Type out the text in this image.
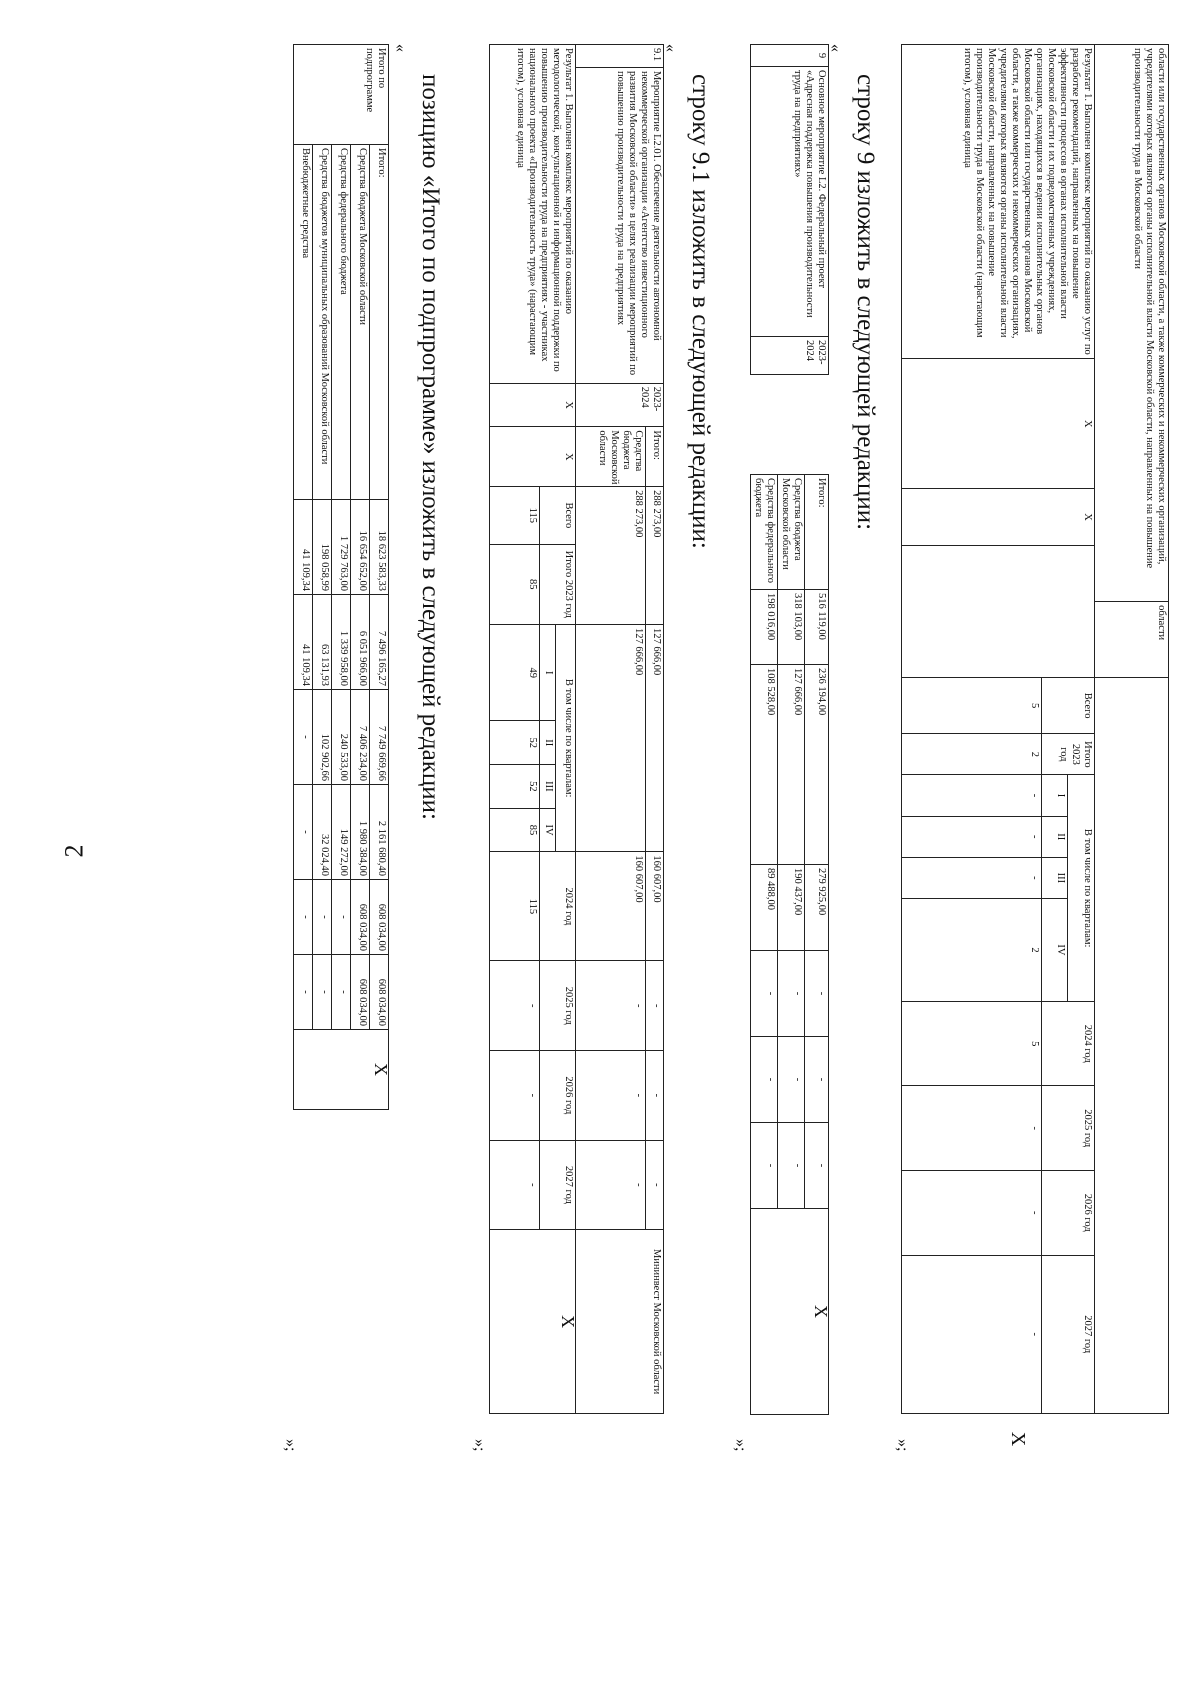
2
области или государственных органов Московской области, а также коммерческих и некоммерческих организаций, учредителями которых являются органы исполнительной власти Московской области, направленных на повышение производительности труда в Московской области				области										
Результат 1. Выполнен комплекс мероприятий по оказанию услуг по разработке рекомендаций, направленных на повышение эффективности процессов в органах исполнительной власти Московской области и их подведомственных учреждениях, организациях, находящихся в ведении исполнительных органов Московской области или государственных органов Московской области, а также коммерческих и некоммерческих организациях, учредителями которых являются органы исполнительной власти Московской области, направленных на повышение производительности труда в Московской области (нарастающим итогом), условная единица	X	X			Всего	Итого 2023 год	В том числе по кварталам:				2024 год	2025 год	2026 год	2027 год
							I	II	III	IV				
					5	2	-	-	-	2	5	-	-	-
X
»;
строку 9 изложить в следующей редакции:
«
9	Основное мероприятие L2. Федеральный проект «Адресная поддержка повышения производительности труда на предприятиях»	2023-2024		Итого:	516 119,00	236 194,00	279 925,00	-	-	-	X
				Средства бюджета Московской области	318 103,00	127 666,00	190 437,00	-	-	-	
				Средства федерального бюджета	198 016,00	108 528,00	89 488,00	-	-	-	
»;
строку 9.1 изложить в следующей редакции:
«
9.1	Мероприятие L2.01. Обеспечение деятельности автономной некоммерческой организации «Агентство инвестиционного развития Московской области» в целях реализации мероприятий по повышению производительности труда на предприятиях	2023-2024	Итого:	288 273,00		127 666,00				160 607,00	-	-	-	Мининвест Московской области
			Средства бюджета Московской области	288 273,00		127 666,00				160 607,00	-	-	-	
Результат 1. Выполнен комплекс мероприятий по оказанию методологической, консультационной и информационной поддержки по повышению производительности труда на предприятиях - участниках национального проекта «Производительность труда» (нарастающим итогом), условная единица		X	X	Всего	Итого 2023 год	В том числе по кварталам:				2024 год	2025 год	2026 год	2027 год	X
						I	II	III	IV					
				115	85	49	52	52	85	115	-	-	-	
»;
позицию «Итого по подпрограмме» изложить в следующей редакции:
«
Итого по подпрограмме	Итого:	18 623 583,33	7 496 165,27	7 749 669,66	2 161 680,40	608 034,00	608 034,00	X
	Средства бюджета Московской области	16 654 652,00	6 051 966,00	7 406 234,00	1 980 384,00	608 034,00	608 034,00	
	Средства федерального бюджета	1 729 763,00	1 339 958,00	240 533,00	149 272,00	-	-	
	Средства бюджетов муниципальных образований Московской области	198 058,99	63 131,93	102 902,66	32 024,40	-	-	
	Внебюджетные средства	41 109,34	41 109,34	-	-	-	-	
»;
